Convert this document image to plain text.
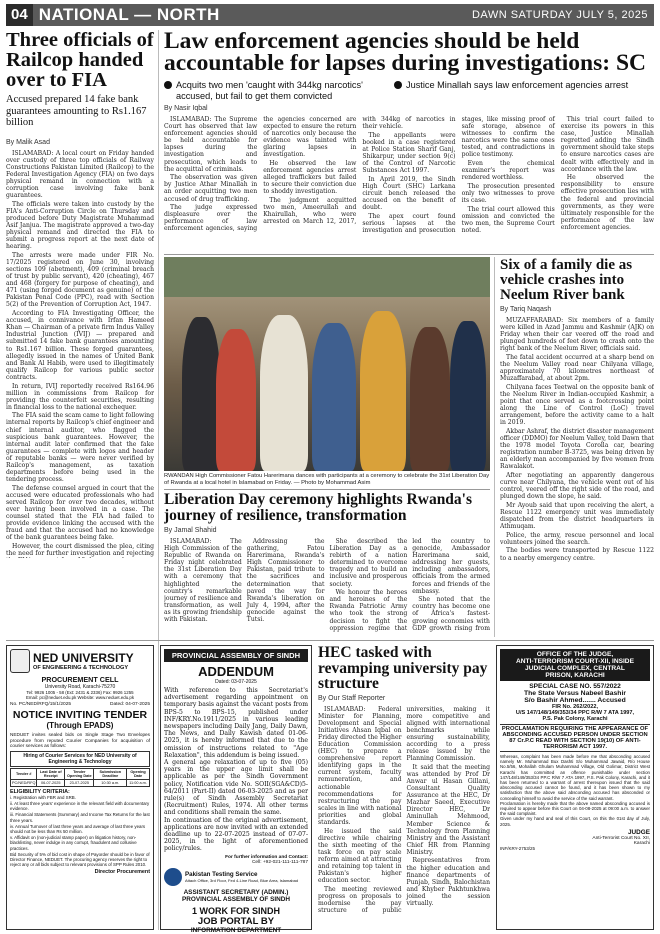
04 NATIONAL — NORTH	DAWN SATURDAY JULY 5, 2025
Three officials of Railcop handed over to FIA
Accused prepared 14 fake bank guarantees amounting to Rs1.167 billion
By Malik Asad

ISLAMABAD: A local court on Friday handed over custody of three top officials of Railway Constructions Pakistan Limited (Railcop) to the Federal Investigation Agency (FIA) on two days physical remand in connection with a corruption case involving fake bank guarantees.

The officials were taken into custody by the FIA's Anti-Corruption Circle on Thursday and produced before Duty Magistrate Muhammad Asif Janjua. The magistrate approved a two-day physical remand and directed the FIA to submit a progress report at the next date of hearing.

The arrests were made under FIR No. 17/2025 registered on June 30, involving sections 109 (abetment), 409 (criminal breach of trust by public servant), 420 (cheating), 467 and 468 (forgery for purpose of cheating), and 471 (using forged document as genuine) of the Pakistan Penal Code (PPC), read with Section 5(2) of the Prevention of Corruption Act, 1947.

According to FIA Investigating Officer, the accused, in connivance with Irfan Hameed Khan — Chairman of a private firm Indus Valley Industrial Junction (IVIJ) — prepared and submitted 14 fake bank guarantees amounting to Rs1.167 billion. These forged guarantees, allegedly issued in the names of United Bank and Bank Al Habib, were used to illegitimately qualify Railcop for various public sector contracts.

In return, IVIJ reportedly received Rs164.96 million in commissions from Railcop for providing the counterfeit securities, resulting in financial loss to the national exchequer.

The FIA said the scam came to light following internal reports by Railcop's chief engineer and chief internal auditor, who flagged the suspicious bank guarantees. However, the internal audit later confirmed that the fake guarantees — complete with logos and header of reputable banks — were never verified by Railcop's management, as taxation departments before being used in the tendering process.

The defense counsel argued in court that the accused were educated professionals who had served Railcop for over two decades, without ever having been involved in a case. The counsel stated that the FIA had failed to provide evidence linking the accused with the fraud and that the accused had no knowledge of the bank guarantees being fake.

However, the court dismissed the plea, citing the need for further investigation and rejecting

Law enforcement agencies should be held accountable for lapses during investigations: SC
Acquits two men 'caught with 344kg narcotics' accused, but fail to get them convicted
Justice Minallah says law enforcement agencies arrest
By Nasir Iqbal

ISLAMABAD: The Supreme Court has observed that law enforcement agencies should be held accountable for lapses during the investigation and prosecution, which leads to the acquittal of criminals.

The observation was given by Justice Athar Minallah in an order acquitting two men accused of drug trafficking.

The judge expressed displeasure over the performance of law enforcement agencies, saying the agencies concerned are expected to ensure the return of narcotics only because the evidence was tainted with glaring lapses in investigation.

He observed the law enforcement agencies arrest alleged traffickers but failed to secure their conviction due to shoddy investigation.

The judgment acquitted two men, Ameerullah and Khairullah, who were arrested on March 12, 2017, with 344kg of narcotics in their vehicle.

The appellants were booked in a case registered at Police Station Sharif Ganj, Shikarpur, under section 9(c) of the Control of Narcotic Substances Act 1997.

In April 2019, the Sindh High Court (SHC) Larkana circuit bench released the accused on the benefit of doubt.

The apex court found serious lapses at the investigation and prosecution stages, like missing proof of safe storage, absence of witnesses to confirm the narcotics were the same ones tested, and contradictions in police testimony.

Even the chemical examiner's report was rendered worthless.

The prosecution presented only two witnesses to prove its case.

The trial court allowed this omission and convicted the two men, the Supreme Court noted.

This trial court failed to exercise its powers in this case, Justice Minallah regretted adding the Sindh government should take steps to ensure narcotics cases are dealt with effectively and in accordance with the law.

He observed the responsibility to ensure effective prosecution lies with the federal and provincial governments, as they were ultimately responsible for the performance of the law enforcement agencies.

RWANDAN High Commissioner Fatou Harerimana dances with participants at a ceremony to celebrate the 31st Liberation Day of Rwanda at a local hotel in Islamabad on Friday. — Photo by Mohammad Asim
Six of a family die as vehicle crashes into Neelum River bank
By Tariq Naqash

MUZAFFARABAD: Six members of a family were killed in Azad Jammu and Kashmir (AJK) on Friday when their car veered off the road and plunged hundreds of feet down to crash onto the right bank of the Neelum River, officials said.

The fatal accident occurred at a sharp bend on the Neelum Valley road near Chilyana village, approximately 70 kilometres northeast of Muzaffarabad, at about 2pm.

Chilyana faces Teetwal on the opposite bank of the Neelum River in Indian-occupied Kashmir, a point that once served as a footcrossing point along the Line of Control (LoC) travel arrangement, before the activity came to a halt in 2019.

Akbar Ashraf, the district disaster management officer (DDMO) for Neelum Valley, told Dawn that the 1978 model Toyota Corolla car, bearing registration number B-3725, was being driven by an elderly man accompanied by five women from Rawalakot.

After negotiating an apparently dangerous curve near Chilyana, the vehicle went out of his control, veered off the right side of the road, and plunged down the slope, he said.

Mr Ayoub said that upon receiving the alert, a Rescue 1122 emergency unit was immediately dispatched from the district headquarters in Athmuqam.

Police, the army, rescue personnel and local volunteers joined the search.

The bodies were transported by Rescue 1122 to a nearby emergency centre.

Liberation Day ceremony highlights Rwanda's journey of resilience, transformation
By Jamal Shahid

ISLAMABAD: The High Commission of the Republic of Rwanda on Friday night celebrated the 31st Liberation Day with a ceremony that highlighted the country's remarkable journey of resilience and transformation, as well as its growing friendship with Pakistan.

Addressing the gathering, Fatou Harerimana, Rwanda's High Commissioner to Pakistan, paid tribute to the sacrifices and determination that paved the way for Rwanda's liberation on July 4, 1994, after the genocide against the Tutsi.

She described the Liberation Day as a rebirth of a nation determined to overcome tragedy and to build an inclusive and prosperous society.

We honour the heroes and heroines of the Rwanda Patriotic Army who took the strong decision to fight the oppression regime that led the country to genocide, Ambassador Harerimana said, addressing her guests, including ambassadors, officials from the armed forces and friends of the embassy.

She noted that the country has become one of Africa's fastest-growing economies with GDP growth rising from

NED UNIVERSITY
OF ENGINEERING & TECHNOLOGY
PROCUREMENT CELL
University Road, Karachi-75270
Tel: 9926 1005 - 58 (Ext: 2431 & 2336) Fax: 9926 1255
Email: pc@neduet.edu.pk Website: www.neduet.edu.pk
No. PC/NED/RFQ/15/1/2025	Dated: 04-07-2025
NOTICE INVITING TENDER
(Through EPADS)
NEDUET invites sealed bids on Single Stage Two Envelopes procedure from reputed Courier Companies for acquisition of courier services as follows:
Hiring of Courier Services for NED University of Engineering & Technology
Tender #	Last Date of Receipt	Tender Opening Date	Submission Deadline	Opening Date
PC/NED/RFQ	06-07-2025	23-07-2025	10:30 a.m.	11:00 a.m.
ELIGIBILITY CRITERIA:
i. Registration with FBR and SRB.
ii. At least three years' experience in the relevant field with documentary evidence.
iii. Financial Statements (Summary) and Income Tax Returns for the last three years.
iv. Annual Turnover of last three years and average of last three years should not be less than Rs 50 million.
v. Affidavit on (non-judicial stamp paper) on litigation history, non-blacklisting, never indulge in any corrupt, fraudulent and collusive practices.
Bid Security of 5% of bid cost in shape of Payorder should be in favor of Director Finance, NEDUET. The procuring agency reserves the right to reject any or all bids subject to relevant provisions of SPP Rules 2010.
Director Procurement
PROVINCIAL ASSEMBLY OF SINDH
ADDENDUM
Dated: 03-07-2025

With reference to this Secretariat's advertisement regarding appointment on temporary basis against the vacant posts from BPS-5 to BPS-15, published under INF/KRY.No.1911/2025 in various leading newspapers including Daily Jang, Daily Dawn, The News, and Daily Kawish dated 01-06-2025, it is hereby informed that due to the omission of instructions related to "Age Relaxation", this addendum is being issued.

A general age relaxation of up to five (05) years in the upper age limit shall be applicable as per the Sindh Government policy, Notification vide No. SOII(SGA&CD)5-64/2011 (Part-II) dated 06-03-2025 and as per rule(s) of Sindh Assembly Secretariat (Recruitment) Rules, 1974. All other terms and conditions shall remain the same.

In continuation of the original advertisement, applications are now invited with an extended deadline up to 22-07-2025 instead of 07-07-2025, in the light of aforementioned policy/rules.

For further information and Contact:
Cell: +92-021-111-111-787
Pakistan Testing Service
Attach Office, 3rd Floor, Fed 4-Line Road, Blue Area, Islamabad
ASSISTANT SECRETARY (ADMIN.)
PROVINCIAL ASSEMBLY OF SINDH
1 WORK FOR SINDH
JOB PORTAL BY
INFORMATION DEPARTMENT
HEC tasked with revamping university pay structure
By Our Staff Reporter

ISLAMABAD: Federal Minister for Planning, Development and Special Initiatives Ahsan Iqbal on Friday directed the Higher Education Commission (HEC) to prepare a comprehensive report identifying gaps in the current system, faculty remuneration, and actionable recommendations for restructuring the pay scales in line with national priorities and global standards.

He issued the said directive while chairing the sixth meeting of the task force on pay scale reform aimed at attracting and retaining top talent in Pakistan's higher education sector.

The meeting reviewed progress on proposals to modernise the pay structure of public universities, making it more competitive and aligned with international benchmarks while ensuring sustainability, according to a press release issued by the Planning Commission.

It said that the meeting was attended by Prof Dr Anwar ul Hasan Gillani, Consultant Quality Assurance at the HEC, Dr Mazhar Saeed, Executive Director HEC, Dr Aminullah Mehmood, Member Science & Technology from Planning Ministry and the Assistant Chief HR from Planning Ministry.

Representatives from the higher education and finance departments of Punjab, Sindh, Balochistan and Khyber Pakhtunkhwa joined the session virtually.

OFFICE OF THE JUDGE,
ANTI-TERRORISM COURT-XII, INSIDE
JUDICIAL COMPLEX, CENTRAL
PRISON, KARACHI
SPECIAL CASE NO. 557/2022
The State Versus Nabeel Bashir
S/o Bashir Ahmed....... Accused
FIR No. 262/2022,
U/S 147/148/149/353/34 PPC R/W 7 ATA 1997,
P.S. Pak Colony, Karachi
PROCLAMATION REQUIRING THE APPEARANCE OF ABSCONDING ACCUSED PERSON UNDER SECTION 87 Cr.P.C READ WITH SECTION 19(10) OF ANTI-TERRORISM ACT 1997.

Whereas, complaint has been made before me that absconding accused namely Mr. Muhammad Bux Dashti S/o Muhammad Jawaid, R/o House No.5/56, Mohallah Ghulam Muhammad Village, Old Golimar, District West Karachi has committed an offence punishable under section 147/148/149/353/34 PP.C R/W 7 ATA 1997, P.S. Pak Colony, Karachi, and it has been returned to a warrant of arrest thereupon issued that the said absconding accused cannot be found, and it has been shown to my satisfaction that the above said absconding accused has absconded or concealing himself to avoid the service of the said warrant.

Proclamation is hereby made that the above named absconding accused is required to appear before this Court on 04-08-2025 at 09:00 a.m. to answer the said complaint.

Given under my hand and seal of this Court, on this the 01st day of July, 2025.

JUDGE
Anti-Terrorist Court No. XII,
Karachi
INF/KRY-2753/25
